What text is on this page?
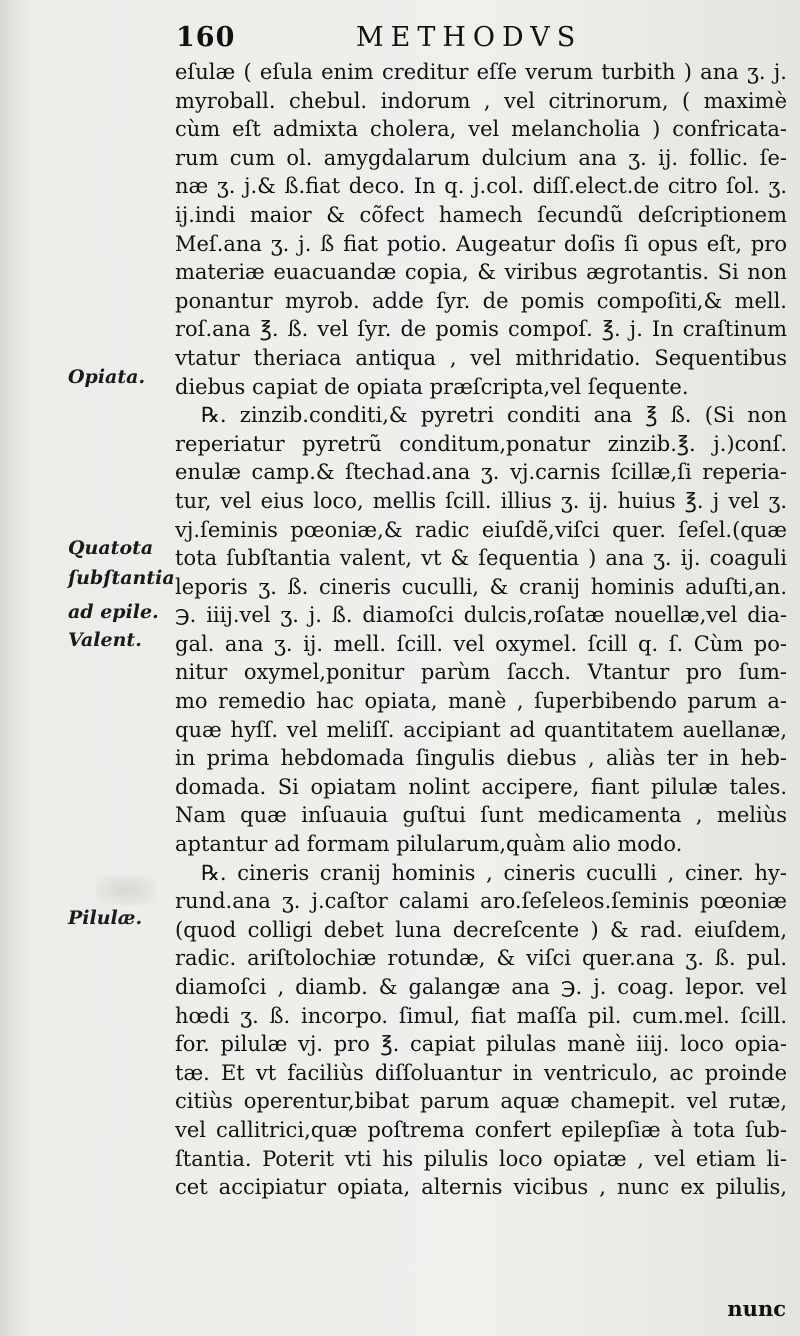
160	METHODVS
Opiata.
Quatota
ſubſtantia
ad epile.
Valent.
Pilulæ.
eſulæ ( eſula enim creditur eſſe verum turbith ) ana ʒ. j.
myroball. chebul. indorum , vel citrinorum, ( maximè
cùm eſt admixta cholera, vel melancholia ) confricata-
rum cum ol. amygdalarum dulcium ana ʒ. ij. follic. ſe-
næ ʒ. j.& ß.fiat deco. In q. j.col. diſſ.elect.de citro ſol. ʒ.
ij.indi maior & cõfect hamech ſecundũ deſcriptionem
Meſ.ana ʒ. j. ß fiat potio. Augeatur doſis ſi opus eſt, pro
materiæ euacuandæ copia, & viribus ægrotantis. Si non
ponantur myrob. adde ſyr. de pomis compoſiti,& mell.
roſ.ana ℥. ß. vel ſyr. de pomis compoſ. ℥. j. In craſtinum
vtatur theriaca antiqua , vel mithridatio. Sequentibus
diebus capiat de opiata præſcripta,vel ſequente.
℞. zinzib.conditi,& pyretri conditi ana ℥ ß. (Si non
reperiatur pyretrũ conditum,ponatur zinzib.℥. j.)conſ.
enulæ camp.& ſtechad.ana ʒ. vj.carnis ſcillæ,ſi reperia-
tur, vel eius loco, mellis ſcill. illius ʒ. ij. huius ℥. j vel ʒ.
vj.ſeminis pœoniæ,& radic eiuſdẽ,viſci quer. ſeſel.(quæ
tota ſubſtantia valent, vt & ſequentia ) ana ʒ. ij. coaguli
leporis ʒ. ß. cineris cuculli, & cranij hominis aduſti,an.
℈. iiij.vel ʒ. j. ß. diamoſci dulcis,roſatæ nouellæ,vel dia-
gal. ana ʒ. ij. mell. ſcill. vel oxymel. ſcill q. ſ. Cùm po-
nitur oxymel,ponitur parùm ſacch. Vtantur pro ſum-
mo remedio hac opiata, manè , ſuperbibendo parum a-
quæ hyſſ. vel meliſſ. accipiant ad quantitatem auellanæ,
in prima hebdomada ſingulis diebus , aliàs ter in heb-
domada. Si opiatam nolint accipere, fiant pilulæ tales.
Nam quæ inſuauia guſtui ſunt medicamenta , meliùs
aptantur ad formam pilularum,quàm alio modo.
℞. cineris cranij hominis , cineris cuculli , ciner. hy-
rund.ana ʒ. j.caſtor calami aro.ſeſeleos.ſeminis pœoniæ
(quod colligi debet luna decreſcente ) & rad. eiuſdem,
radic. ariſtolochiæ rotundæ, & viſci quer.ana ʒ. ß. pul.
diamoſci , diamb. & galangæ ana ℈. j. coag. lepor. vel
hœdi ʒ. ß. incorpo. ſimul, fiat maſſa pil. cum.mel. ſcill.
for. pilulæ vj. pro ℥. capiat pilulas manè iiij. loco opia-
tæ. Et vt faciliùs diſſoluantur in ventriculo, ac proinde
citiùs operentur,bibat parum aquæ chamepit. vel rutæ,
vel callitrici,quæ poſtrema confert epilepſiæ à tota ſub-
ſtantia. Poterit vti his pilulis loco opiatæ , vel etiam li-
cet accipiatur opiata, alternis vicibus , nunc ex pilulis,
nunc
